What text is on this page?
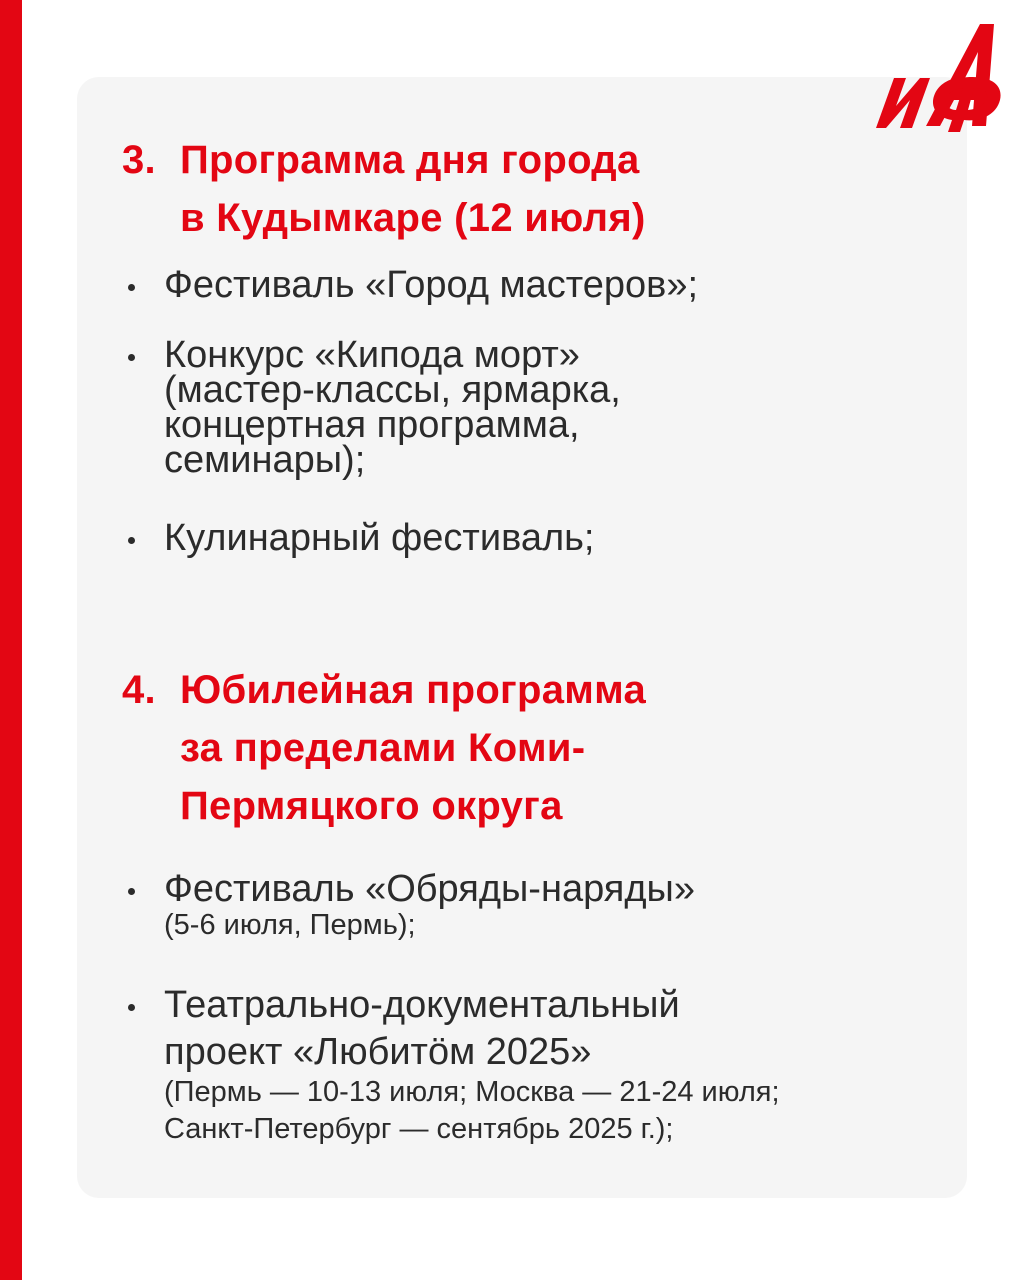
3. Программа дня города
в Кудымкаре (12 июля)
Фестиваль «Город мастеров»;
Конкурс «Кипода морт»
(мастер-классы, ярмарка,
концертная программа,
семинары);
Кулинарный фестиваль;
4. Юбилейная программа
за пределами Коми-
Пермяцкого округа
Фестиваль «Обряды-наряды»
(5-6 июля, Пермь);
Театрально-документальный
проект «Любитӧм 2025»
(Пермь — 10-13 июля; Москва — 21-24 июля;
Санкт-Петербург — сентябрь 2025 г.);
